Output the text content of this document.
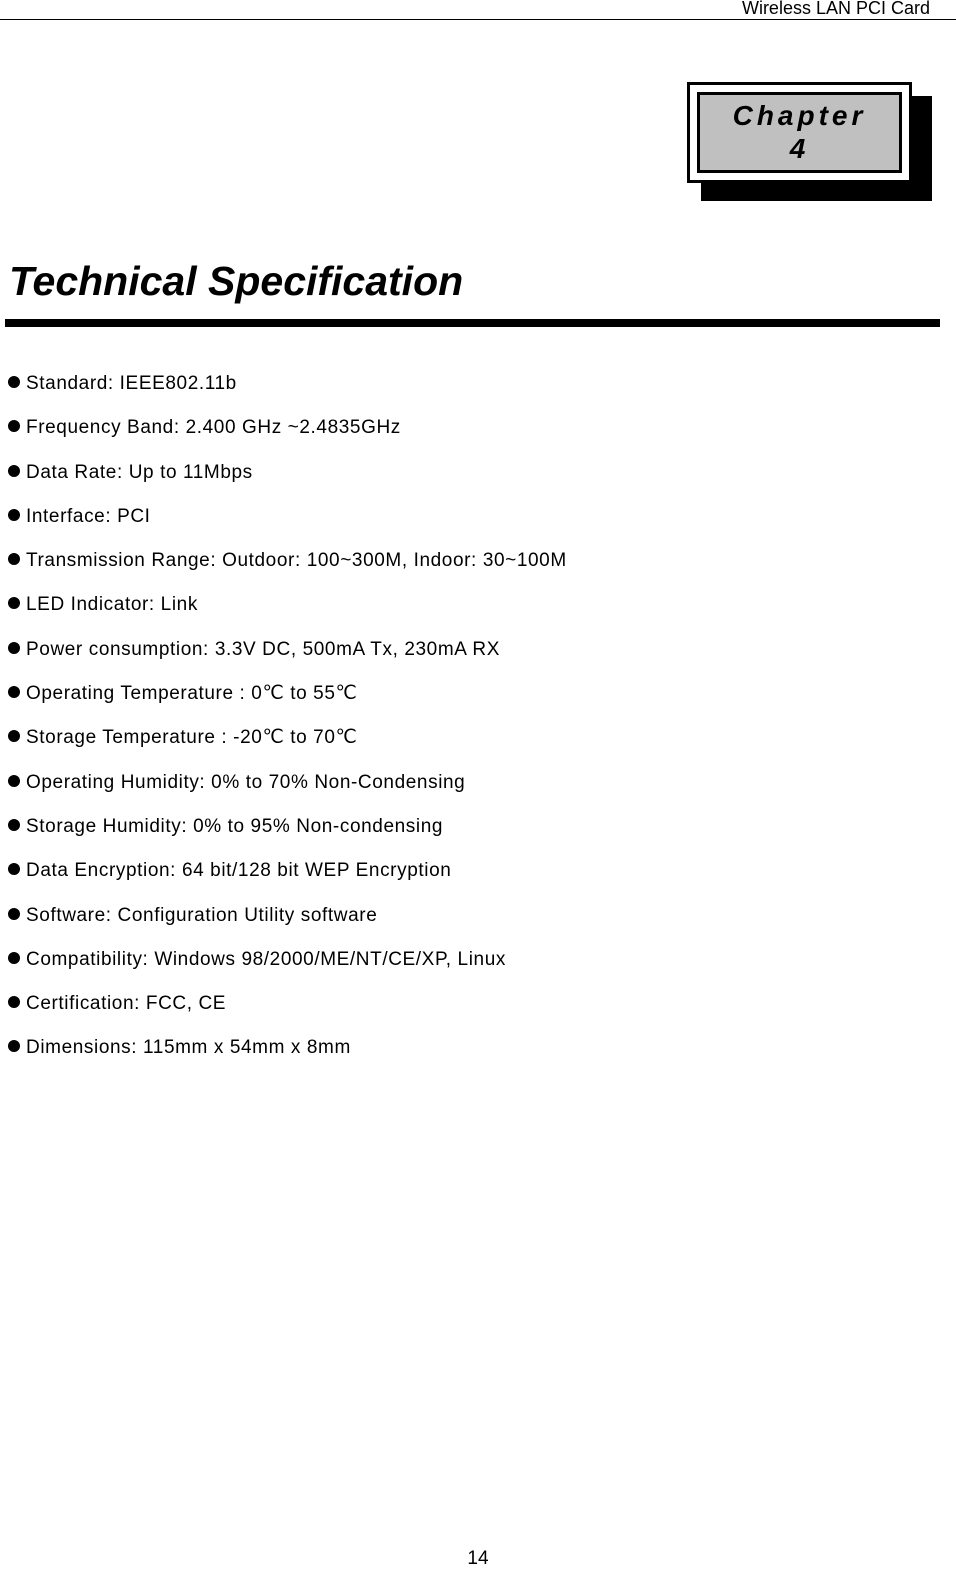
Wireless LAN PCI Card
Chapter
4
Technical Specification
Standard: IEEE802.11b
Frequency Band: 2.400 GHz ~2.4835GHz
Data Rate: Up to 11Mbps
Interface: PCI
Transmission Range: Outdoor: 100~300M, Indoor: 30~100M
LED Indicator: Link
Power consumption: 3.3V DC, 500mA Tx, 230mA RX
Operating Temperature : 0℃ to 55℃
Storage Temperature : -20℃ to 70℃
Operating Humidity: 0% to 70% Non-Condensing
Storage Humidity: 0% to 95% Non-condensing
Data Encryption: 64 bit/128 bit WEP Encryption
Software: Configuration Utility software
Compatibility: Windows 98/2000/ME/NT/CE/XP, Linux
Certification: FCC, CE
Dimensions: 115mm x 54mm x 8mm
14
